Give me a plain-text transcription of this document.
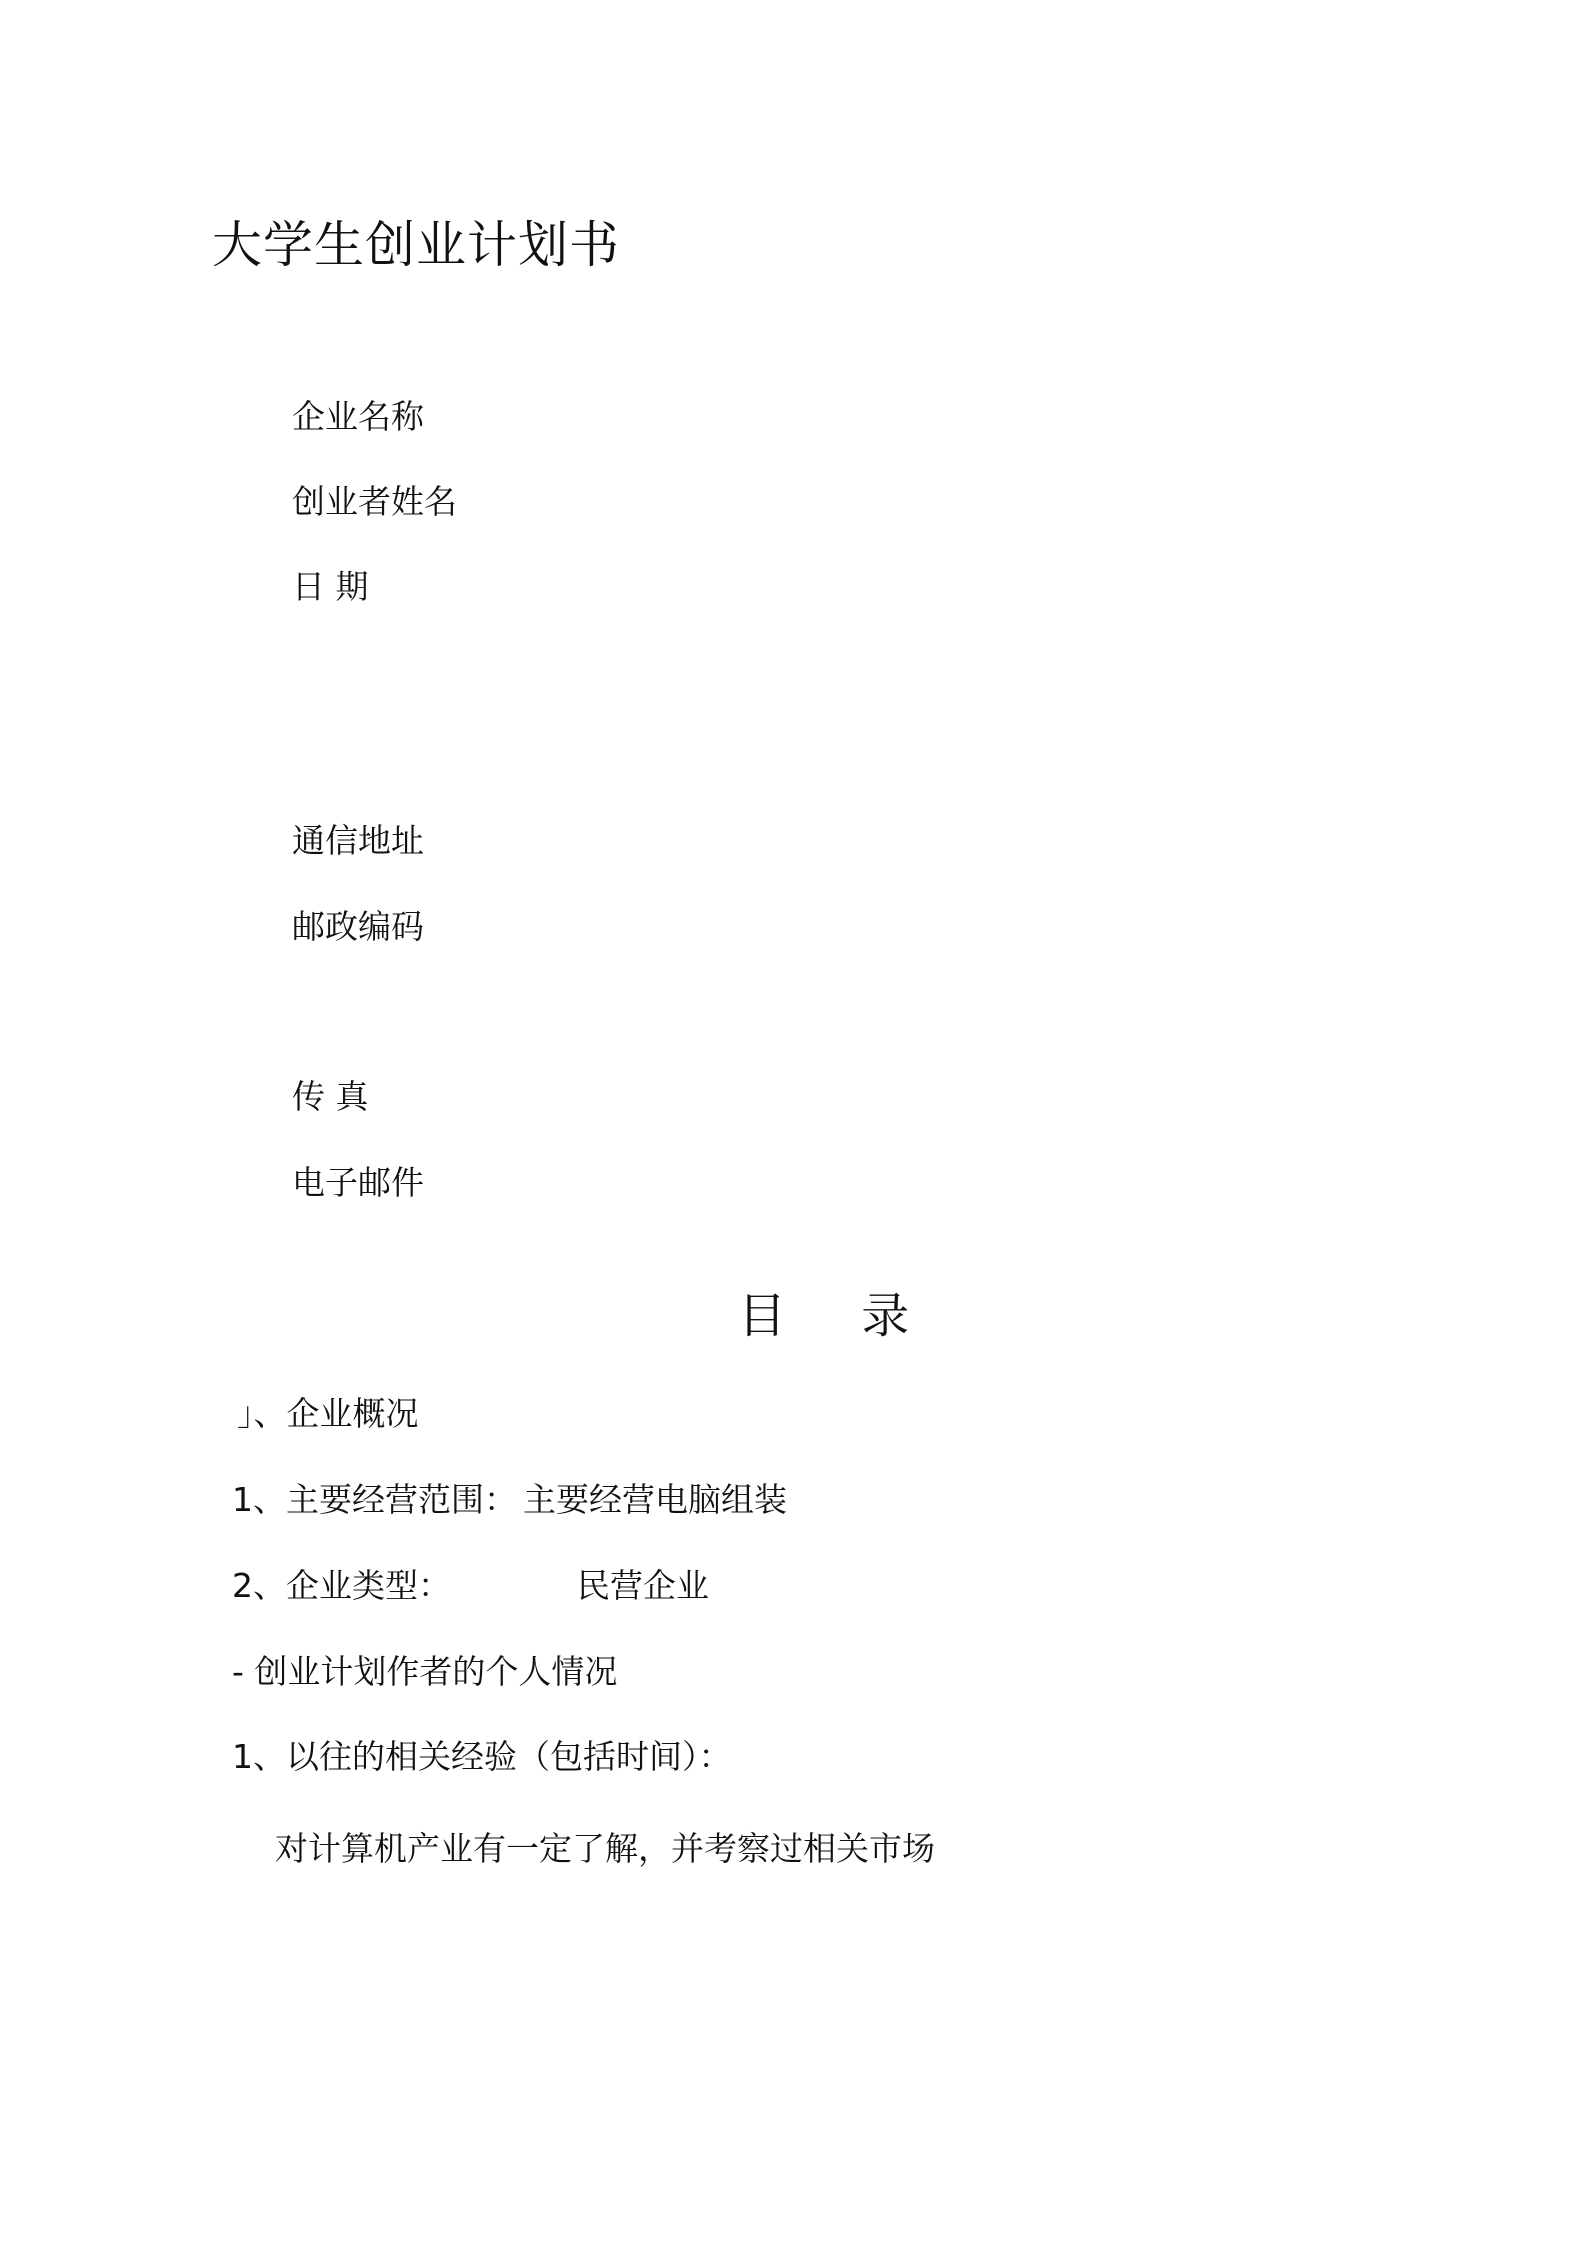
大学生创业计划书
企业名称
创业者姓名
日 期
通信地址
邮政编码
传 真
电子邮件
目 录
」、企业概况
1、主要经营范围： 主要经营电脑组装
2、企业类型：	民营企业
- 创业计划作者的个人情况
1、以往的相关经验（包括时间）：
对计算机产业有一定了解，并考察过相关市场
